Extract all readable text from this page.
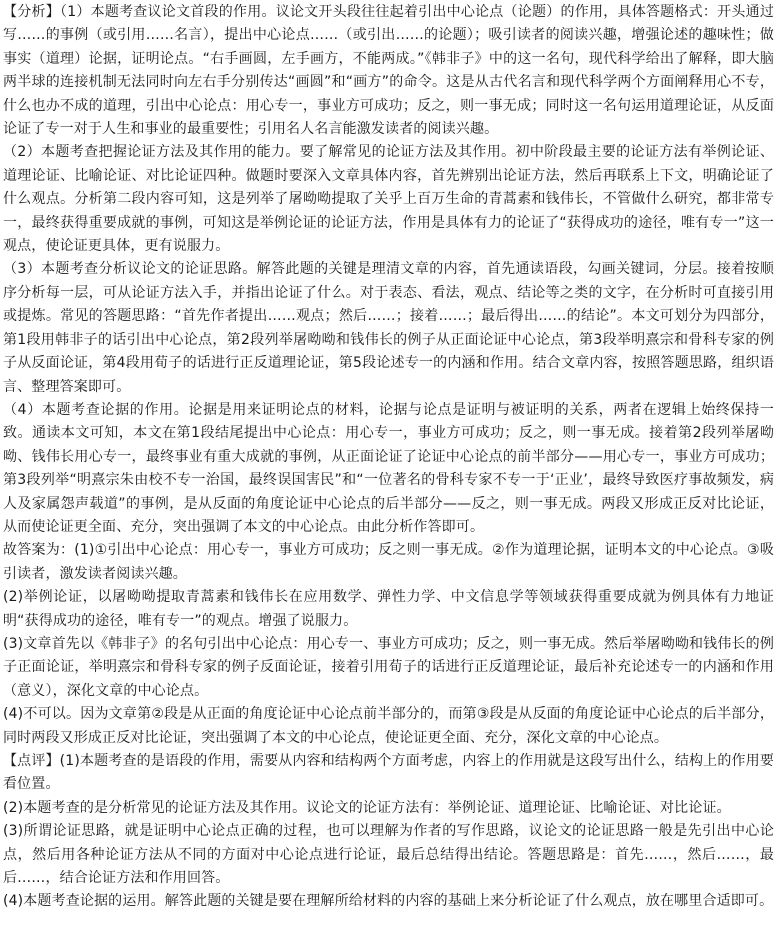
【分析】（1）本题考查议论文首段的作用。议论文开头段往往起着引出中心论点（论题）的作用，具体答题格式：开头通过写……的事例（或引用……名言），提出中心论点……（或引出……的论题）；吸引读者的阅读兴趣，增强论述的趣味性；做事实（道理）论据，证明论点。“右手画圆，左手画方，不能两成。”《韩非子》中的这一名句，现代科学给出了解释，即大脑两半球的连接机制无法同时向左右手分别传达“画圆”和“画方”的命令。这是从古代名言和现代科学两个方面阐释用心不专，什么也办不成的道理，引出中心论点：用心专一，事业方可成功；反之，则一事无成；同时这一名句运用道理论证，从反面论证了专一对于人生和事业的最重要性；引用名人名言能激发读者的阅读兴趣。

（2）本题考查把握论证方法及其作用的能力。要了解常见的论证方法及其作用。初中阶段最主要的论证方法有举例论证、道理论证、比喻论证、对比论证四种。做题时要深入文章具体内容，首先辨别出论证方法，然后再联系上下文，明确论证了什么观点。分析第二段内容可知，这是列举了屠呦呦提取了关乎上百万生命的青蒿素和钱伟长，不管做什么研究，都非常专一，最终获得重要成就的事例，可知这是举例论证的论证方法，作用是具体有力的论证了“获得成功的途径，唯有专一”这一观点，使论证更具体，更有说服力。

（3）本题考查分析议论文的论证思路。解答此题的关键是理清文章的内容，首先通读语段，勾画关键词，分层。接着按顺序分析每一层，可从论证方法入手，并指出论证了什么。对于表态、看法，观点、结论等之类的文字，在分析时可直接引用或提炼。常见的答题思路：“首先作者提出……观点；然后……；接着……；最后得出……的结论”。本文可划分为四部分，第1段用韩非子的话引出中心论点，第2段列举屠呦呦和钱伟长的例子从正面论证中心论点，第3段举明熹宗和骨科专家的例子从反面论证，第4段用荀子的话进行正反道理论证，第5段论述专一的内涵和作用。结合文章内容，按照答题思路，组织语言、整理答案即可。

（4）本题考查论据的作用。论据是用来证明论点的材料，论据与论点是证明与被证明的关系，两者在逻辑上始终保持一致。通读本文可知，本文在第1段结尾提出中心论点：用心专一，事业方可成功；反之，则一事无成。接着第2段列举屠呦呦、钱伟长用心专一，最终事业有重大成就的事例，从正面论证了论证中心论点的前半部分——用心专一，事业方可成功；第3段列举“明熹宗朱由校不专一治国，最终误国害民”和“一位著名的骨科专家不专一于‘正业’，最终导致医疗事故频发，病人及家属怨声载道”的事例，是从反面的角度论证中心论点的后半部分——反之，则一事无成。两段又形成正反对比论证，从而使论证更全面、充分，突出强调了本文的中心论点。由此分析作答即可。

故答案为：(1)①引出中心论点：用心专一，事业方可成功；反之则一事无成。②作为道理论据，证明本文的中心论点。③吸引读者，激发读者阅读兴趣。

(2)举例论证，以屠呦呦提取青蒿素和钱伟长在应用数学、弹性力学、中文信息学等领域获得重要成就为例具体有力地证明“获得成功的途径，唯有专一”的观点。增强了说服力。

(3)文章首先以《韩非子》的名句引出中心论点：用心专一、事业方可成功；反之，则一事无成。然后举屠呦呦和钱伟长的例子正面论证，举明熹宗和骨科专家的例子反面论证，接着引用荀子的话进行正反道理论证，最后补充论述专一的内涵和作用（意义），深化文章的中心论点。

(4)不可以。因为文章第②段是从正面的角度论证中心论点前半部分的，而第③段是从反面的角度论证中心论点的后半部分，同时两段又形成正反对比论证，突出强调了本文的中心论点，使论证更全面、充分，深化文章的中心论点。

【点评】(1)本题考查的是语段的作用，需要从内容和结构两个方面考虑，内容上的作用就是这段写出什么，结构上的作用要看位置。

(2)本题考查的是分析常见的论证方法及其作用。议论文的论证方法有：举例论证、道理论证、比喻论证、对比论证。

(3)所谓论证思路，就是证明中心论点正确的过程，也可以理解为作者的写作思路，议论文的论证思路一般是先引出中心论点，然后用各种论证方法从不同的方面对中心论点进行论证，最后总结得出结论。答题思路是：首先……，然后……，最后……，结合论证方法和作用回答。

(4)本题考查论据的运用。解答此题的关键是要在理解所给材料的内容的基础上来分析论证了什么观点，放在哪里合适即可。
